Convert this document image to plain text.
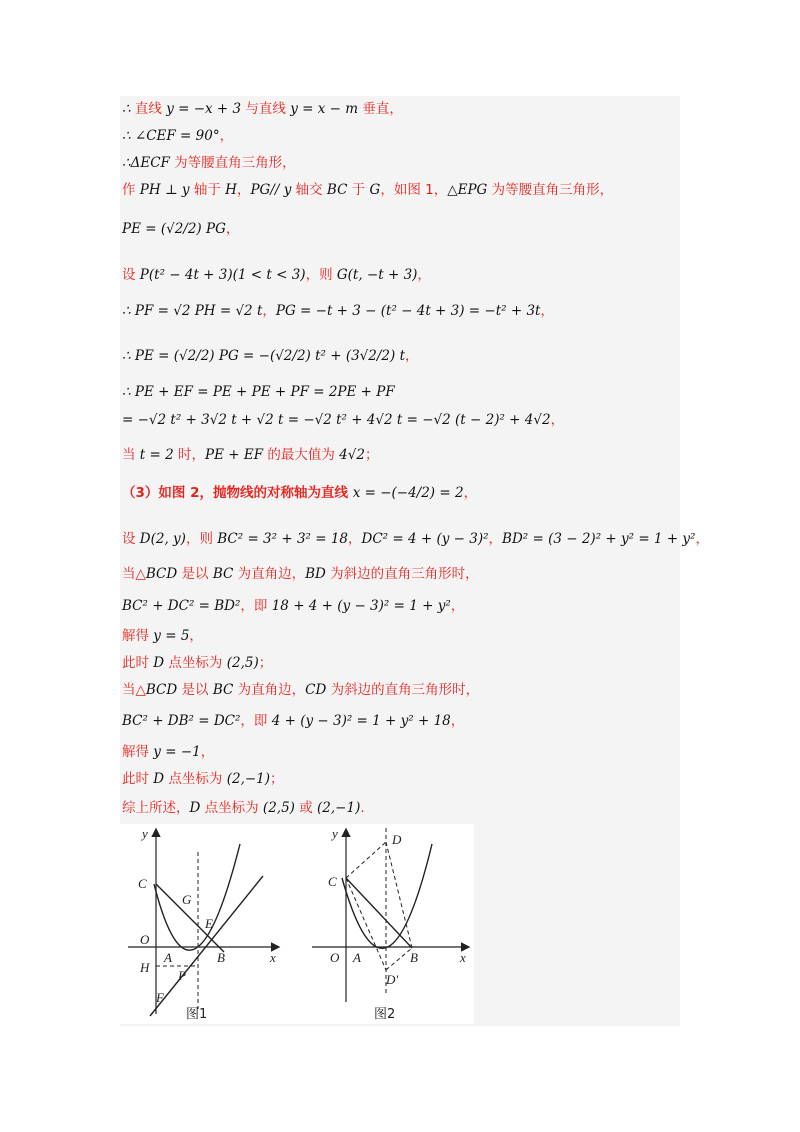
∴ 直线 y = −x + 3 与直线 y = x − m 垂直，
∴ ∠CEF = 90°，
∴ΔECF 为等腰直角三角形，
作 PH ⊥ y 轴于 H，PG// y 轴交 BC 于 G，如图 1，△EPG 为等腰直角三角形，
PE = (√2/2) PG，
设 P(t² − 4t + 3)(1 < t < 3)，则 G(t, −t + 3)，
∴ PF = √2 PH = √2 t，PG = −t + 3 − (t² − 4t + 3) = −t² + 3t，
∴ PE = (√2/2) PG = −(√2/2) t² + (3√2/2) t，
∴ PE + EF = PE + PE + PF = 2PE + PF
= −√2 t² + 3√2 t + √2 t = −√2 t² + 4√2 t = −√2 (t − 2)² + 4√2，
当 t = 2 时，PE + EF 的最大值为 4√2；
（3）如图 2，抛物线的对称轴为直线 x = −(−4/2) = 2，
设 D(2, y)，则 BC² = 3² + 3² = 18，DC² = 4 + (y − 3)²，BD² = (3 − 2)² + y² = 1 + y²，
当△BCD 是以 BC 为直角边，BD 为斜边的直角三角形时，
BC² + DC² = BD²，即 18 + 4 + (y − 3)² = 1 + y²，
解得 y = 5，
此时 D 点坐标为 (2,5)；
当△BCD 是以 BC 为直角边，CD 为斜边的直角三角形时，
BC² + DB² = DC²，即 4 + (y − 3)² = 1 + y² + 18，
解得 y = −1，
此时 D 点坐标为 (2,−1)；
综上所述，D 点坐标为 (2,5) 或 (2,−1).
y
x
C
G
E
O
A	B
H
P
F
图1
y
x
D
C
O A	B
D′
图2
